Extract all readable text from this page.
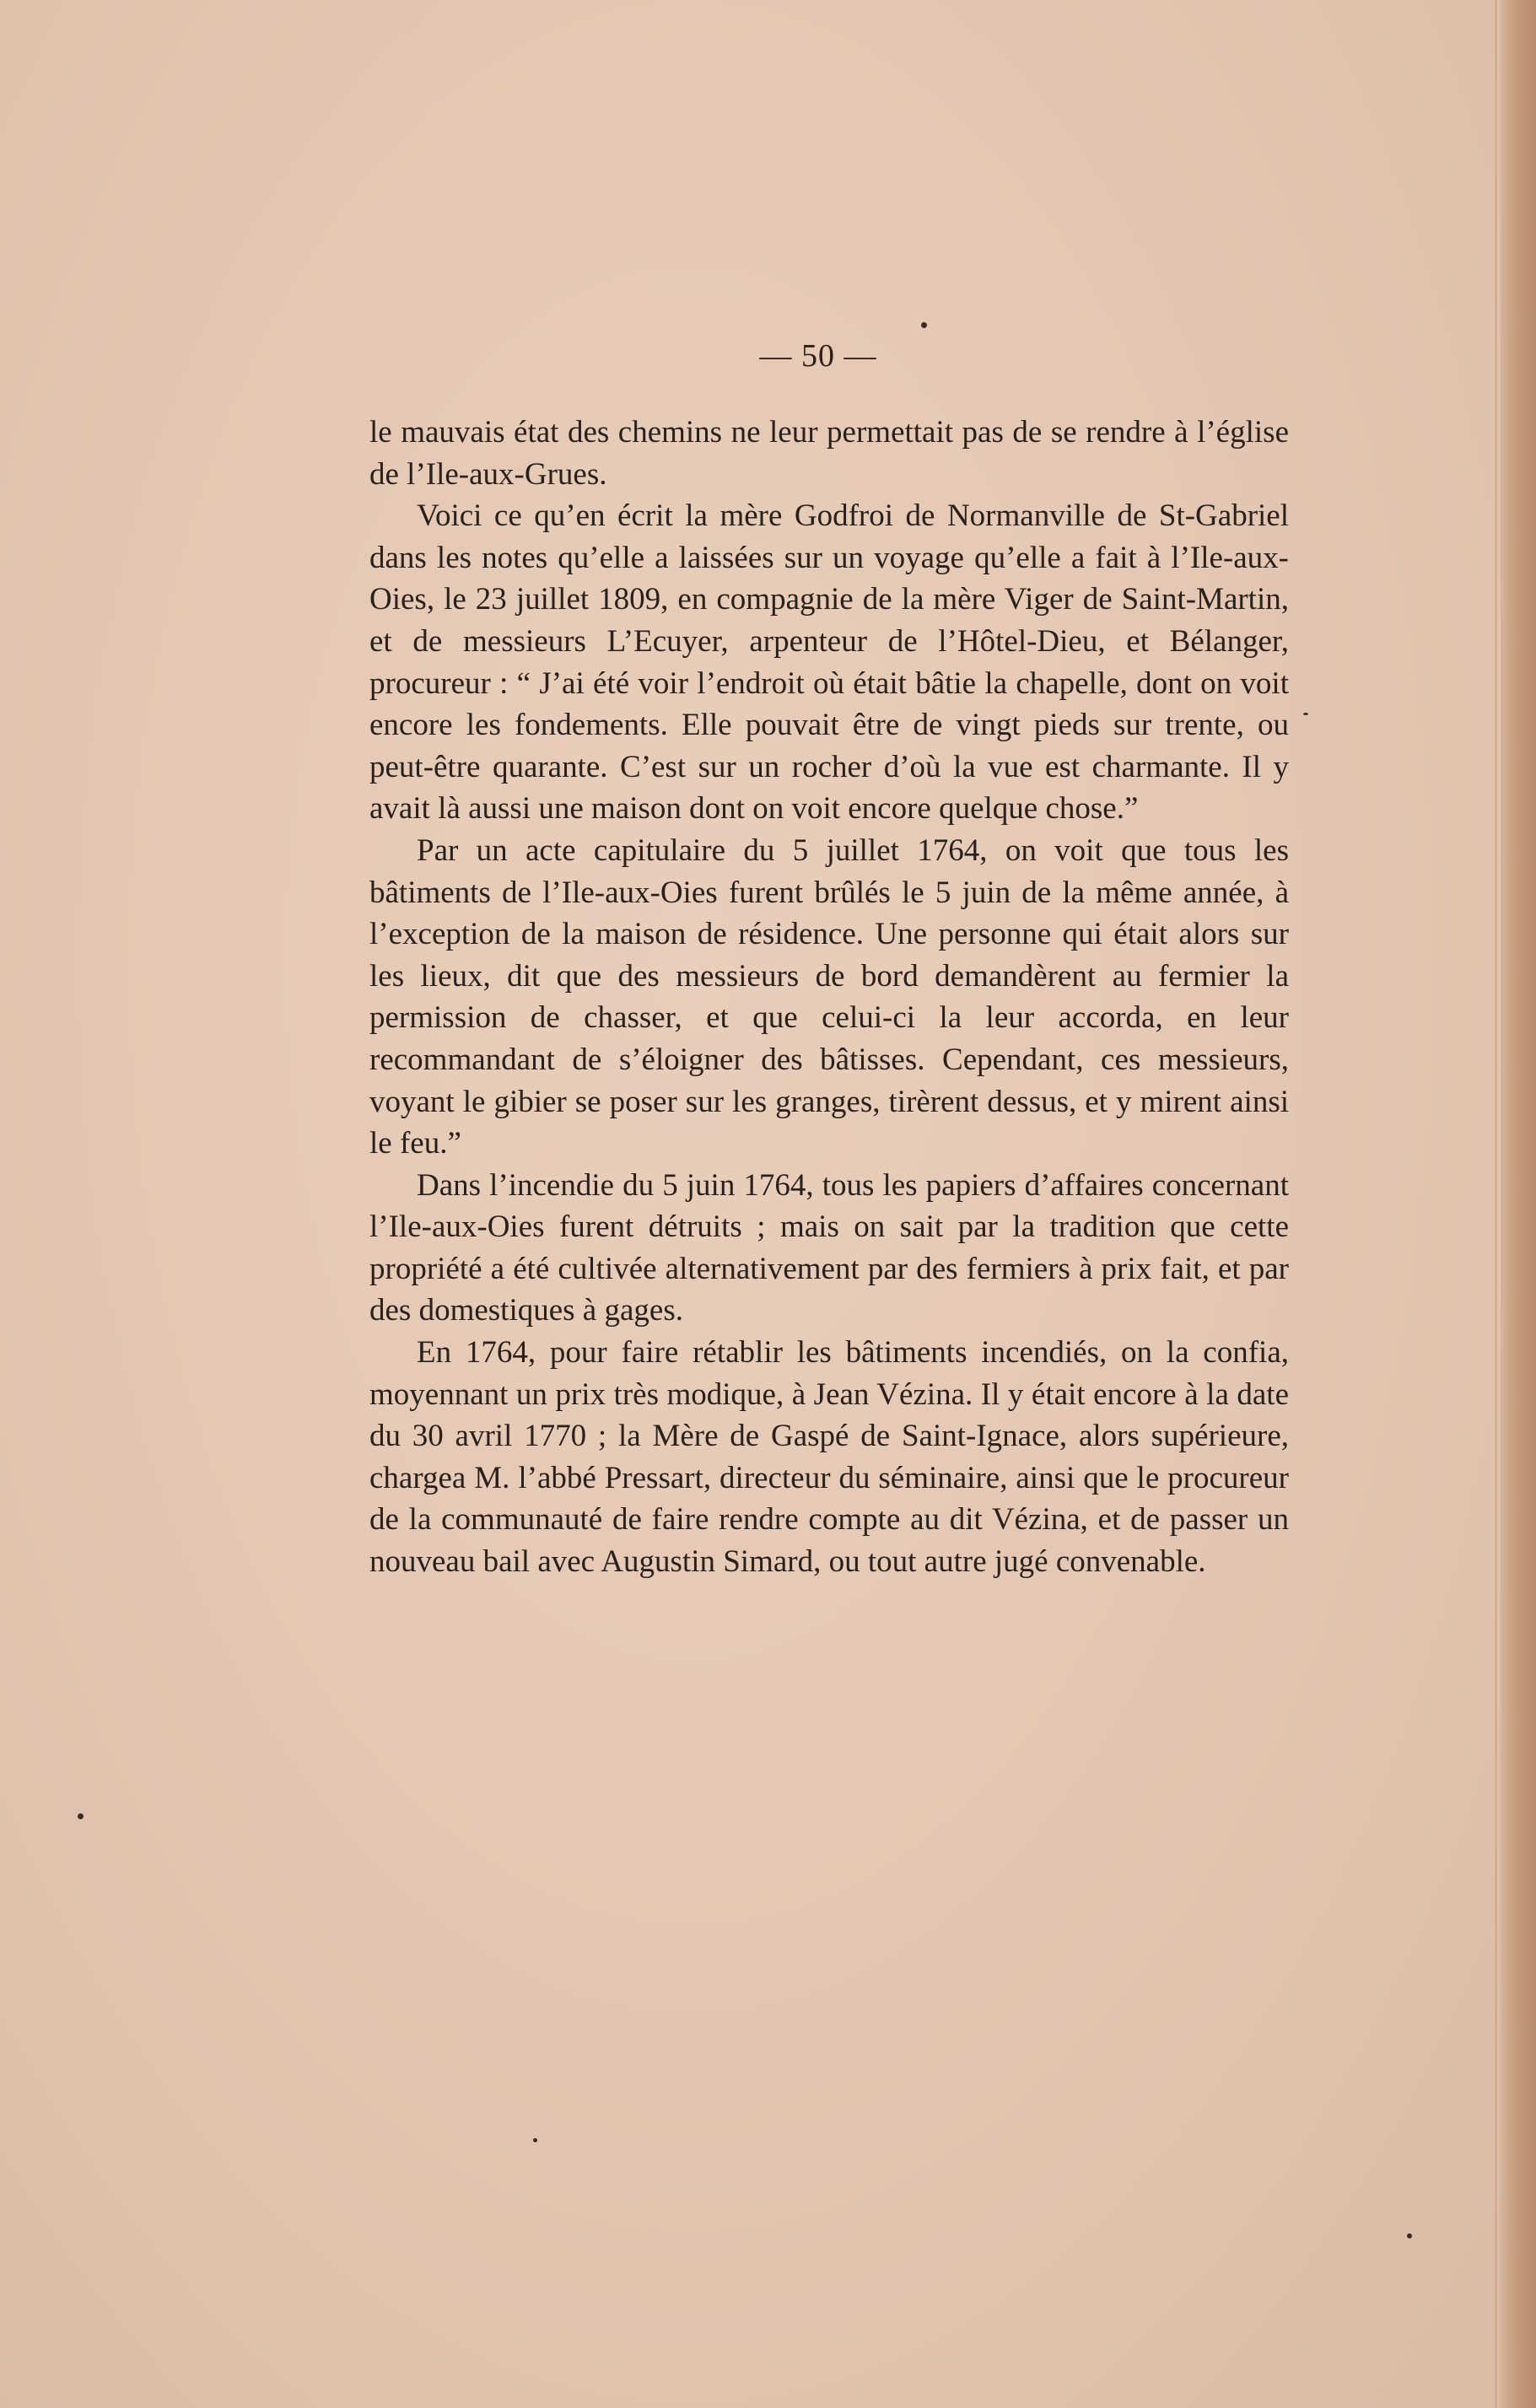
— 50 —

le mauvais état des chemins ne leur permettait pas de se rendre à l’église de l’Ile-aux-Grues.

Voici ce qu’en écrit la mère Godfroi de Normanville de St-Gabriel dans les notes qu’elle a laissées sur un voyage qu’elle a fait à l’Ile-aux-Oies, le 23 juillet 1809, en compagnie de la mère Viger de Saint-Martin, et de messieurs L’Ecuyer, arpenteur de l’Hôtel-Dieu, et Bélanger, procureur : “ J’ai été voir l’endroit où était bâtie la chapelle, dont on voit encore les fondements. Elle pouvait être de vingt pieds sur trente, ou peut-être quarante. C’est sur un rocher d’où la vue est charmante. Il y avait là aussi une maison dont on voit encore quelque chose.”

Par un acte capitulaire du 5 juillet 1764, on voit que tous les bâtiments de l’Ile-aux-Oies furent brûlés le 5 juin de la même année, à l’exception de la maison de résidence. Une personne qui était alors sur les lieux, dit que des messieurs de bord demandèrent au fermier la permission de chasser, et que celui-ci la leur accorda, en leur recommandant de s’éloigner des bâtisses. Cependant, ces messieurs, voyant le gibier se poser sur les granges, tirèrent dessus, et y mirent ainsi le feu.”

Dans l’incendie du 5 juin 1764, tous les papiers d’affaires concernant l’Ile-aux-Oies furent détruits ; mais on sait par la tradition que cette propriété a été cultivée alternativement par des fermiers à prix fait, et par des domestiques à gages.

En 1764, pour faire rétablir les bâtiments incendiés, on la confia, moyennant un prix très modique, à Jean Vézina. Il y était encore à la date du 30 avril 1770 ; la Mère de Gaspé de Saint-Ignace, alors supérieure, chargea M. l’abbé Pressart, directeur du séminaire, ainsi que le procureur de la communauté de faire rendre compte au dit Vézina, et de passer un nouveau bail avec Augustin Simard, ou tout autre jugé convenable.
